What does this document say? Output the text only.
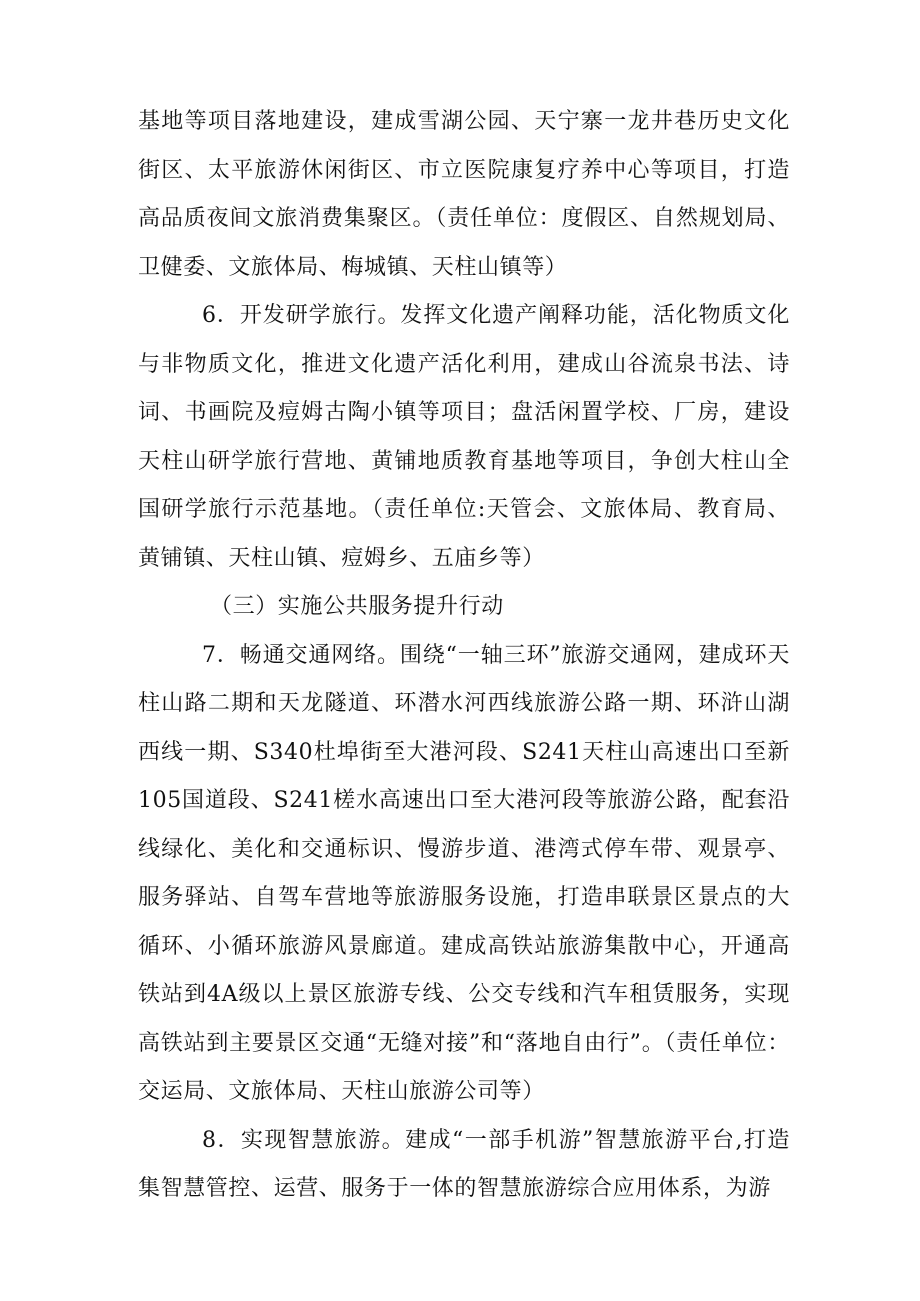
基地等项目落地建设，建成雪湖公园、天宁寨一龙井巷历史文化街区、太平旅游休闲街区、市立医院康复疗养中心等项目，打造高品质夜间文旅消费集聚区。（责任单位：度假区、自然规划局、卫健委、文旅体局、梅城镇、天柱山镇等）

6．开发研学旅行。发挥文化遗产阐释功能，活化物质文化与非物质文化，推进文化遗产活化利用，建成山谷流泉书法、诗词、书画院及痘姆古陶小镇等项目；盘活闲置学校、厂房，建设天柱山研学旅行营地、黄铺地质教育基地等项目，争创大柱山全国研学旅行示范基地。（责任单位:天管会、文旅体局、教育局、黄铺镇、天柱山镇、痘姆乡、五庙乡等）

（三）实施公共服务提升行动

7．畅通交通网络。围绕“一轴三环”旅游交通网，建成环天柱山路二期和天龙隧道、环潜水河西线旅游公路一期、环浒山湖西线一期、S340杜埠街至大港河段、S241天柱山高速出口至新105国道段、S241槎水高速出口至大港河段等旅游公路，配套沿线绿化、美化和交通标识、慢游步道、港湾式停车带、观景亭、服务驿站、自驾车营地等旅游服务设施，打造串联景区景点的大循环、小循环旅游风景廊道。建成高铁站旅游集散中心，开通高铁站到4A级以上景区旅游专线、公交专线和汽车租赁服务，实现高铁站到主要景区交通“无缝对接”和“落地自由行”。（责任单位：交运局、文旅体局、天柱山旅游公司等）

8．实现智慧旅游。建成“一部手机游”智慧旅游平台,打造集智慧管控、运营、服务于一体的智慧旅游综合应用体系，为游
